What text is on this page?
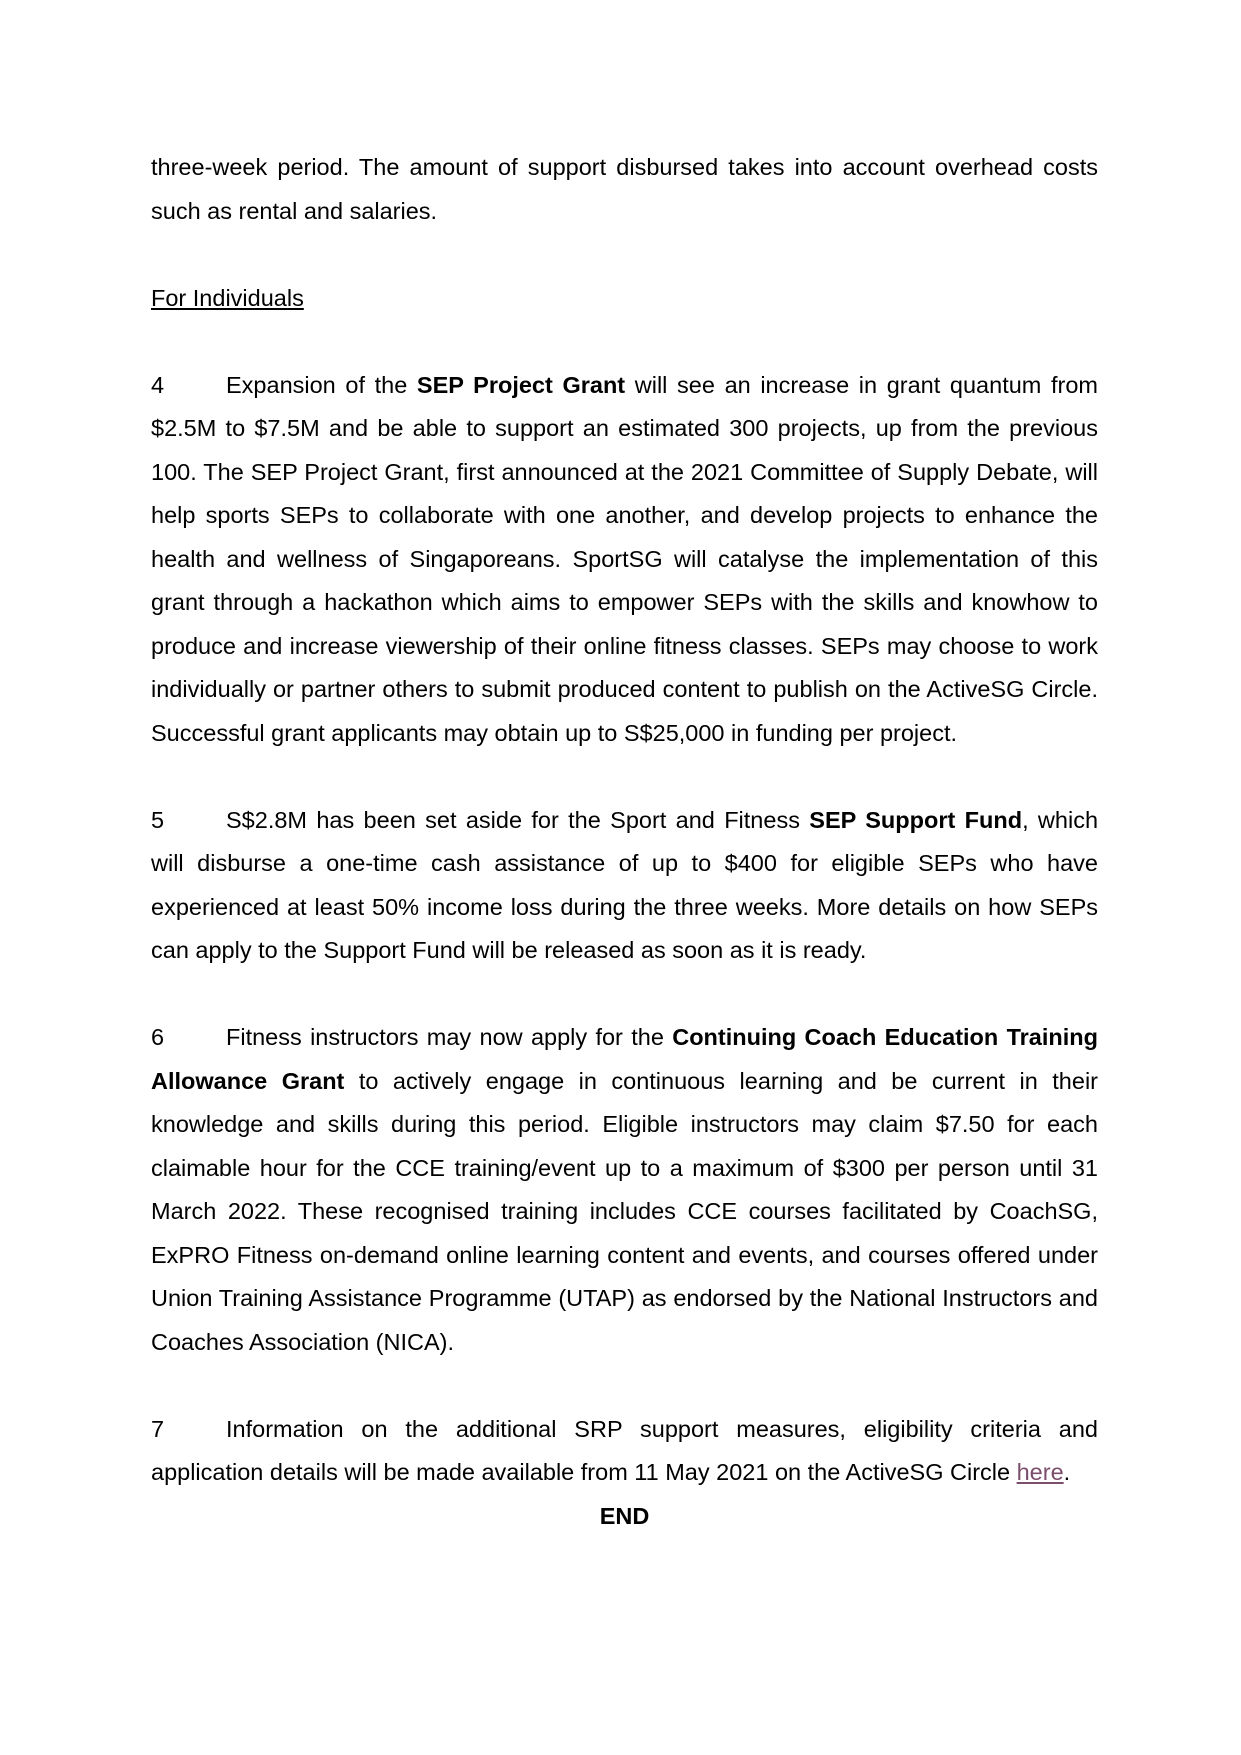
three-week period. The amount of support disbursed takes into account overhead costs such as rental and salaries.

For Individuals

4	Expansion of the SEP Project Grant will see an increase in grant quantum from $2.5M to $7.5M and be able to support an estimated 300 projects, up from the previous 100. The SEP Project Grant, first announced at the 2021 Committee of Supply Debate, will help sports SEPs to collaborate with one another, and develop projects to enhance the health and wellness of Singaporeans. SportSG will catalyse the implementation of this grant through a hackathon which aims to empower SEPs with the skills and knowhow to produce and increase viewership of their online fitness classes. SEPs may choose to work individually or partner others to submit produced content to publish on the ActiveSG Circle. Successful grant applicants may obtain up to S$25,000 in funding per project.

5	S$2.8M has been set aside for the Sport and Fitness SEP Support Fund, which will disburse a one-time cash assistance of up to $400 for eligible SEPs who have experienced at least 50% income loss during the three weeks. More details on how SEPs can apply to the Support Fund will be released as soon as it is ready.

6	Fitness instructors may now apply for the Continuing Coach Education Training Allowance Grant to actively engage in continuous learning and be current in their knowledge and skills during this period. Eligible instructors may claim $7.50 for each claimable hour for the CCE training/event up to a maximum of $300 per person until 31 March 2022. These recognised training includes CCE courses facilitated by CoachSG, ExPRO Fitness on-demand online learning content and events, and courses offered under Union Training Assistance Programme (UTAP) as endorsed by the National Instructors and Coaches Association (NICA).

7	Information on the additional SRP support measures, eligibility criteria and application details will be made available from 11 May 2021 on the ActiveSG Circle here.

END
